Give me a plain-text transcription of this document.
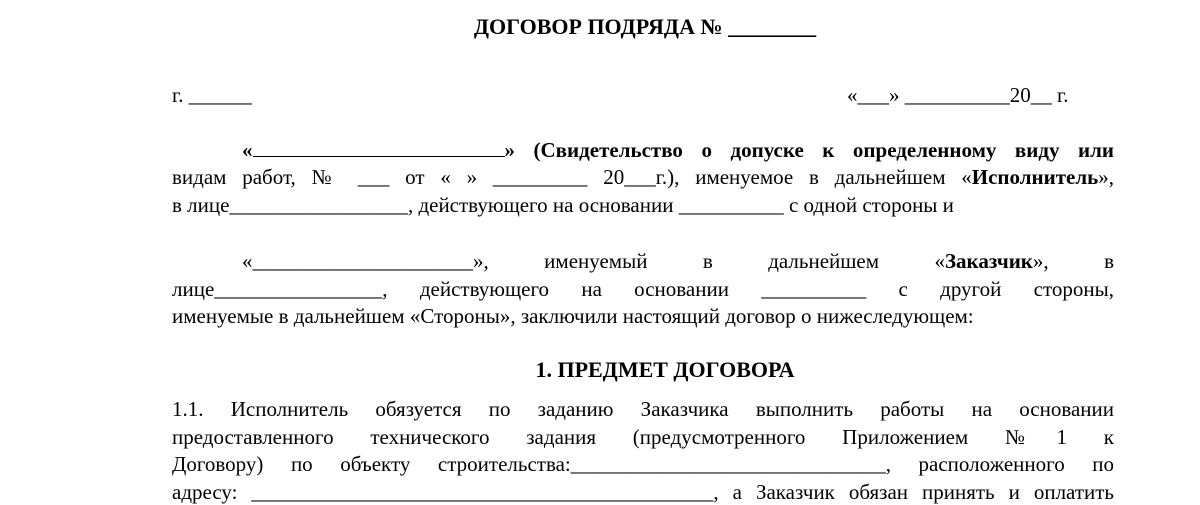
ДОГОВОР ПОДРЯДА № ________
г. ______	«___» __________20__ г.
«	» (Свидетельство о допуске к определенному виду или
видам работ, № ___ от « » _________ 20___г.), именуемое в дальнейшем «Исполнитель»,
в лице_________________, действующего на основании __________ с одной стороны и
«_____________________», именуемый в дальнейшем «Заказчик», в
лице________________, действующего на основании __________ с другой стороны,
именуемые в дальнейшем «Стороны», заключили настоящий договор о нижеследующем:
1. ПРЕДМЕТ ДОГОВОРА
1.1. Исполнитель обязуется по заданию Заказчика выполнить работы на основании
предоставленного технического задания (предусмотренного Приложением №1 к
Договору) по объекту строительства:______________________________, расположенного по
адресу: ____________________________________________, а Заказчик обязан принять и оплатить
